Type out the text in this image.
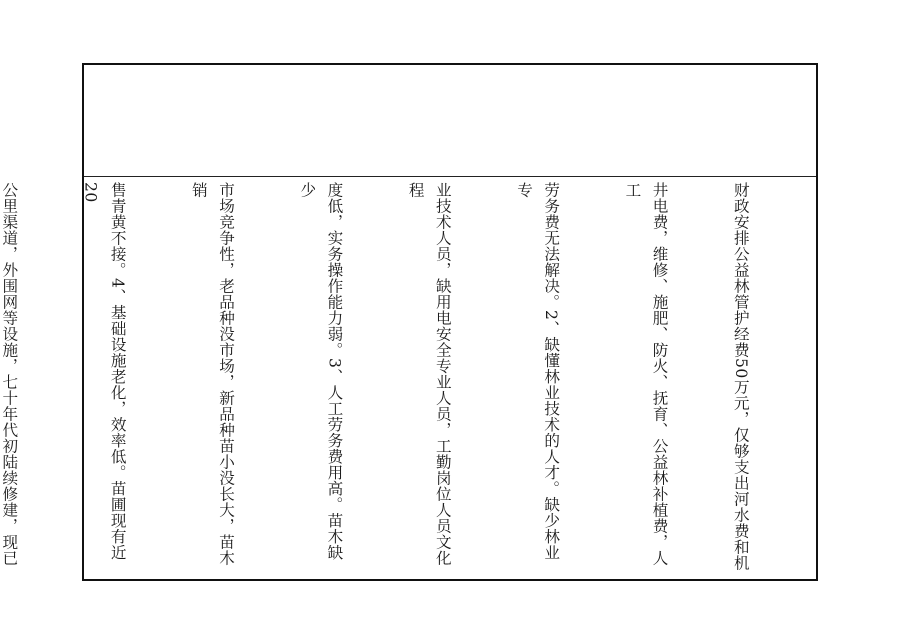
财政安排公益林管护经费50万元，仅够支出河水费和机

井电费，维修、施肥、防火、抚育、公益林补植费，人工

劳务费无法解决。2、缺懂林业技术的人才。缺少林业专

业技术人员，缺用电安全专业人员，工勤岗位人员文化程

度低，实务操作能力弱。3、人工劳务费用高。苗木缺少

市场竞争性，老品种没市场，新品种苗小没长大，苗木销

售青黄不接。4、基础设施老化，效率低。苗圃现有近20

公里渠道，外围网等设施，七十年代初陆续修建，现已
